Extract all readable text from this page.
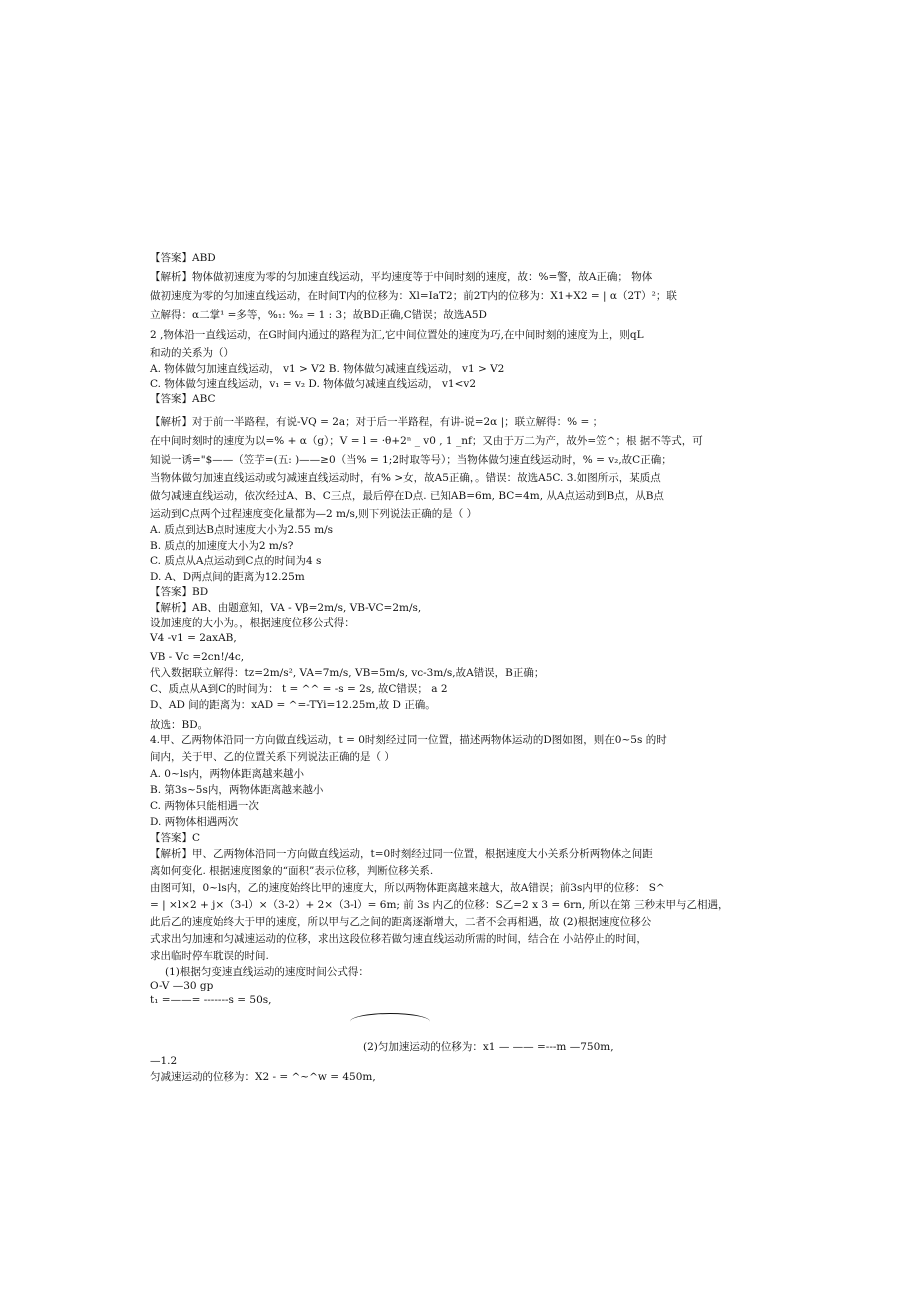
【答案】ABD
【解析】物体做初速度为零的匀加速直线运动，平均速度等于中间时刻的速度，故：%=警，故A正确； 物体
做初速度为零的匀加速直线运动，在时间T内的位移为：Xl=IaT2；前2T内的位移为：X1+X2 = | α（2T）²；联
立解得：α二掌¹ =多等，%₁: %₂ = 1 : 3；故BD正确,C错误；故选A5D
2 ,物体沿一直线运动，在G时间内通过的路程为汇,它中间位置处的速度为巧,在中间时刻的速度为上，则qL
和动的关系为（）
A. 物体做匀加速直线运动， v1 > V2 B. 物体做匀减速直线运动， v1 > V2
C. 物体做匀速直线运动，v₁ = v₂ D. 物体做匀减速直线运动， v1<v2
【答案】ABC
【解析】对于前一半路程，有说-VQ = 2a；对于后一半路程，有讲-说=2α |；联立解得：% = ；
在中间时刻时的速度为以=% + α（g）；V = l = ·θ+2ⁿ _ v0 , 1 _nf；又由于万二为产，故外=笠^；根 据不等式，可
知说一诱="$——（笠芋=(五: )——≥0（当% = 1;2时取等号）；当物体做匀速直线运动时，% = v₂,故C正确；
当物体做匀加速直线运动或匀减速直线运动时，有% >女，故A5正确，。错误：故选A5C. 3.如图所示，某质点
做匀减速直线运动，依次经过A、B、C三点，最后停在D点. 已知AB=6m, BC=4m, 从A点运动到B点，从B点
运动到C点两个过程速度变化量都为—2 m/s,则下列说法正确的是（ ）
A. 质点到达B点时速度大小为2.55 m/s
B. 质点的加速度大小为2 m/s?
C. 质点从A点运动到C点的时间为4 s
D. A、D两点间的距离为12.25m
【答案】BD
【解析】AB、由题意知，VA - Vβ=2m/s, VB-VC=2m/s,
设加速度的大小为。，根据速度位移公式得：
V4 -v1 = 2axAB,
VB - Vc =2cn!/4c,
代入数据联立解得：tz=2m/s², VA=7m/s, VB=5m/s, vc-3m/s,故A错误，B正确；
C、质点从A到C的时间为： t = ^^ = -s = 2s, 故C错误； a 2
D、AD 间的距离为：xAD = ^=-TYi=12.25m,故 D 正确。
故选：BD。
4.甲、乙两物体沿同一方向做直线运动，t = 0时刻经过同一位置，描述两物体运动的D图如图，则在0~5s 的时
间内，关于甲、乙的位置关系下列说法正确的是（ ）
A. 0~ls内，两物体距离越来越小
B. 第3s~5s内，两物体距离越来越小
C. 两物体只能相遇一次
D. 两物体相遇两次
【答案】C
【解析】甲、乙两物体沿同一方向做直线运动，t=0时刻经过同一位置，根据速度大小关系分析两物体之间距
离如何变化. 根据速度图象的“面积”表示位移，判断位移关系.
由图可知，0~ls内，乙的速度始终比甲的速度大，所以两物体距离越来越大，故A错误；前3s内甲的位移： S^
= | ×l×2 + j×（3-l）×（3-2）+ 2×（3-l）= 6m; 前 3s 内乙的位移：S乙=2 x 3 = 6rn, 所以在第 三秒末甲与乙相遇，
此后乙的速度始终大于甲的速度，所以甲与乙之间的距离逐渐增大，二者不会再相遇，故 (2)根据速度位移公
式求出匀加速和匀减速运动的位移，求出这段位移若做匀速直线运动所需的时间，结合在 小站停止的时间，
求出临时停车耽误的时间.
(1)根据匀变速直线运动的速度时间公式得：
O-V —30 gp
t₁ =——= -------s = 50s,
(2)匀加速运动的位移为：x1 — —— =---m —750m,
—1.2
匀减速运动的位移为：X2 - = ^~^w = 450m,
